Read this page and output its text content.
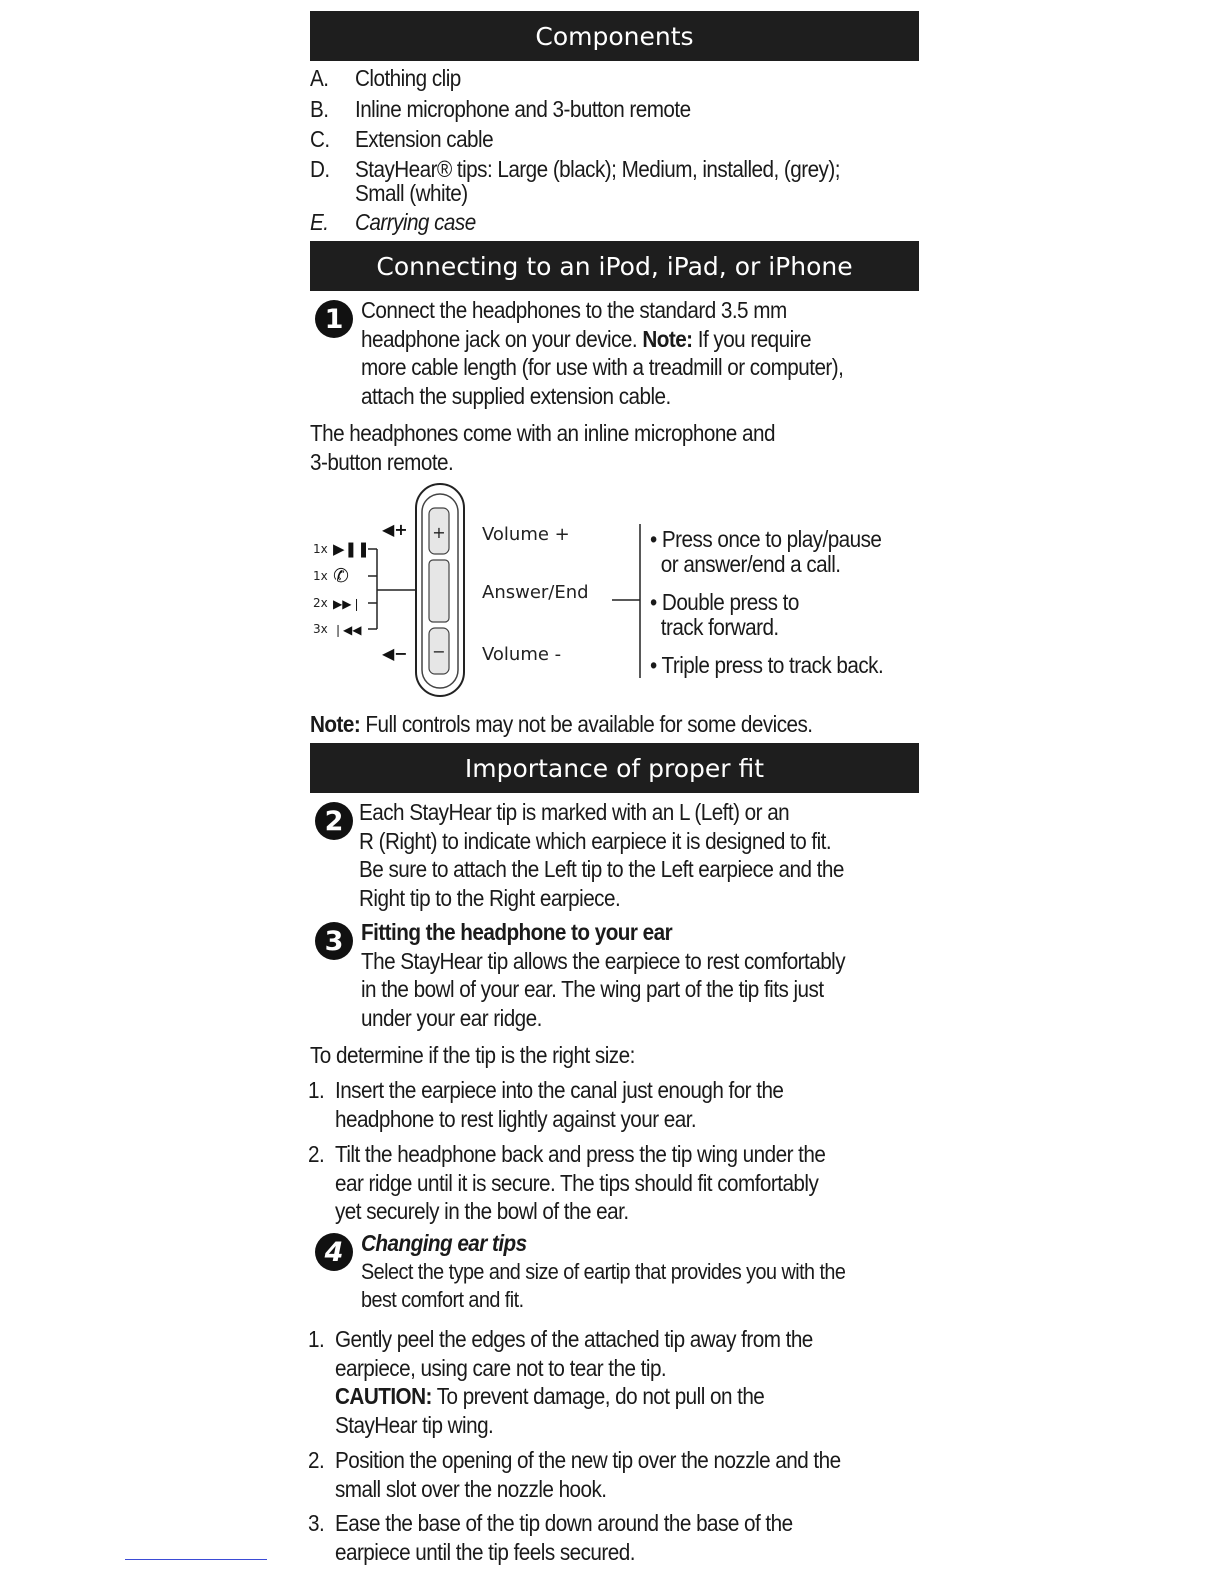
Components
A. Clothing clip
B. Inline microphone and 3-button remote
C. Extension cable
D. StayHear® tips: Large (black); Medium, installed, (grey);
Small (white)
E. Carrying case
Connecting to an iPod, iPad, or iPhone
1 Connect the headphones to the standard 3.5 mm
headphone jack on your device. Note: If you require
more cable length (for use with a treadmill or computer),
attach the supplied extension cable.
The headphones come with an inline microphone and
3-button remote.
+
−
◀+
◀−
1x ▶❚❚
1x ✆
2x ▶▶❘
3x ❘◀◀
Volume +
Answer/End
Volume -
• Press once to play/pause
or answer/end a call.
• Double press to
track forward.
• Triple press to track back.
Note: Full controls may not be available for some devices.
Importance of proper fit
2 Each StayHear tip is marked with an L (Left) or an
R (Right) to indicate which earpiece it is designed to fit.
Be sure to attach the Left tip to the Left earpiece and the
Right tip to the Right earpiece.
3 Fitting the headphone to your ear
The StayHear tip allows the earpiece to rest comfortably
in the bowl of your ear. The wing part of the tip fits just
under your ear ridge.
To determine if the tip is the right size:
1. Insert the earpiece into the canal just enough for the
headphone to rest lightly against your ear.
2. Tilt the headphone back and press the tip wing under the
ear ridge until it is secure. The tips should fit comfortably
yet securely in the bowl of the ear.
4 Changing ear tips
Select the type and size of eartip that provides you with the
best comfort and fit.
1. Gently peel the edges of the attached tip away from the
earpiece, using care not to tear the tip.
CAUTION: To prevent damage, do not pull on the
StayHear tip wing.
2. Position the opening of the new tip over the nozzle and the
small slot over the nozzle hook.
3. Ease the base of the tip down around the base of the
earpiece until the tip feels secured.
